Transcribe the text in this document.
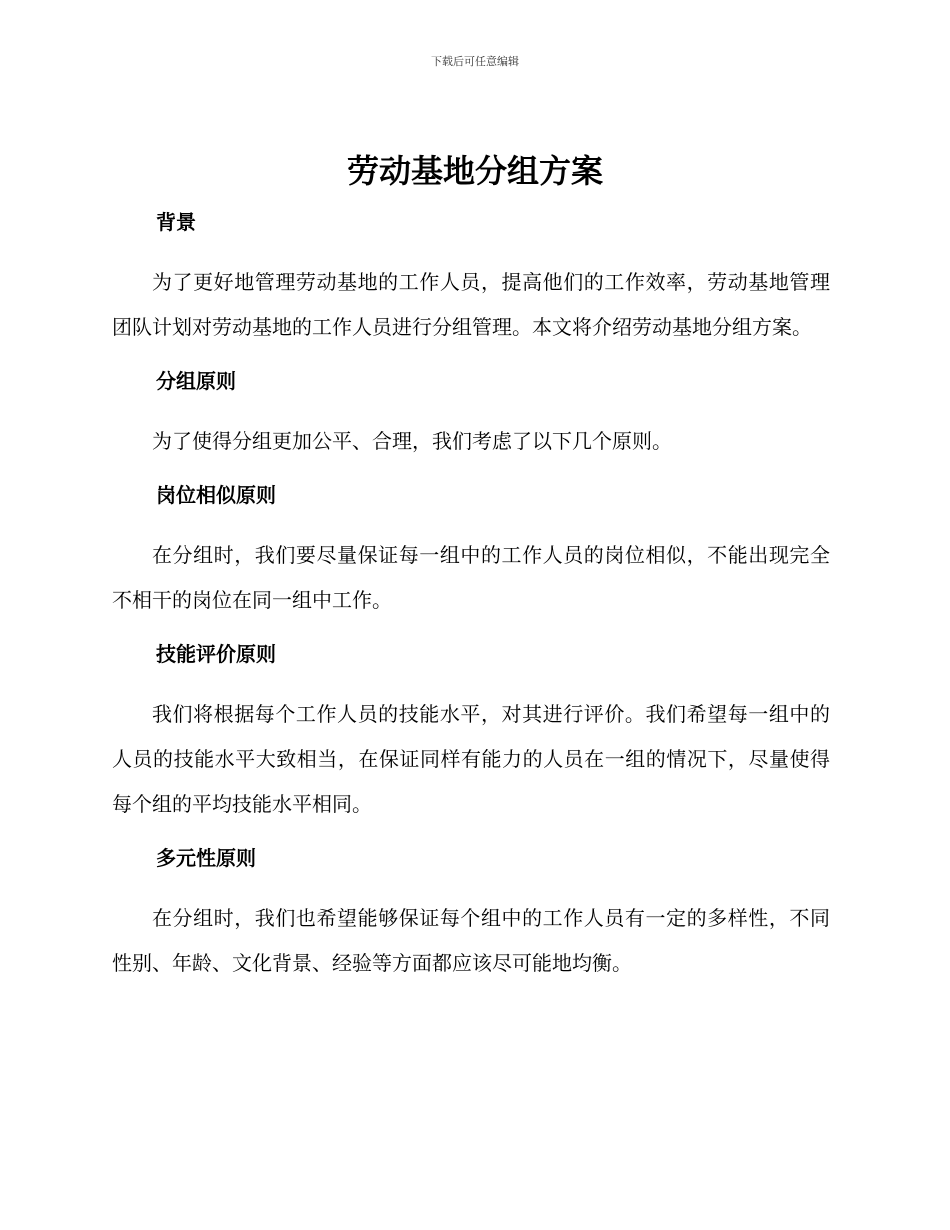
下载后可任意编辑
劳动基地分组方案
背景

为了更好地管理劳动基地的工作人员，提高他们的工作效率，劳动基地管理团队计划对劳动基地的工作人员进行分组管理。本文将介绍劳动基地分组方案。

分组原则

为了使得分组更加公平、合理，我们考虑了以下几个原则。

岗位相似原则

在分组时，我们要尽量保证每一组中的工作人员的岗位相似，不能出现完全不相干的岗位在同一组中工作。

技能评价原则

我们将根据每个工作人员的技能水平，对其进行评价。我们希望每一组中的人员的技能水平大致相当，在保证同样有能力的人员在一组的情况下，尽量使得每个组的平均技能水平相同。

多元性原则

在分组时，我们也希望能够保证每个组中的工作人员有一定的多样性，不同性别、年龄、文化背景、经验等方面都应该尽可能地均衡。
